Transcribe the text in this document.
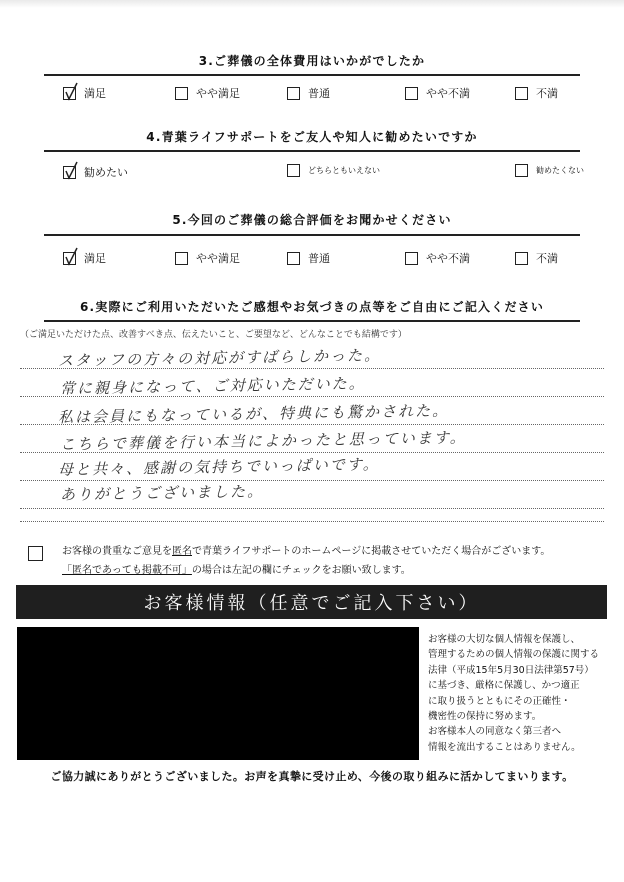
3.ご葬儀の全体費用はいかがでしたか
満足	やや満足	普通	やや不満	不満
4.青葉ライフサポートをご友人や知人に勧めたいですか
勧めたい	どちらともいえない	勧めたくない
5.今回のご葬儀の総合評価をお聞かせください
満足	やや満足	普通	やや不満	不満
6.実際にご利用いただいたご感想やお気づきの点等をご自由にご記入ください
（ご満足いただけた点、改善すべき点、伝えたいこと、ご要望など、どんなことでも結構です）
スタッフの方々の対応がすばらしかった。
常に親身になって、ご対応いただいた。
私は会員にもなっているが、特典にも驚かされた。
こちらで葬儀を行い本当によかったと思っています。
母と共々、感謝の気持ちでいっぱいです。
ありがとうございました。
お客様の貴重なご意見を匿名で青葉ライフサポートのホームページに掲載させていただく場合がございます。
「匿名であっても掲載不可」の場合は左記の欄にチェックをお願い致します。
お客様情報（任意でご記入下さい）
お客様の大切な個人情報を保護し、
管理するための個人情報の保護に関する
法律（平成15年5月30日法律第57号）
に基づき、厳格に保護し、かつ適正
に取り扱うとともにその正確性・
機密性の保持に努めます。
お客様本人の同意なく第三者へ
情報を流出することはありません。
ご協力誠にありがとうございました。お声を真摯に受け止め、今後の取り組みに活かしてまいります。
